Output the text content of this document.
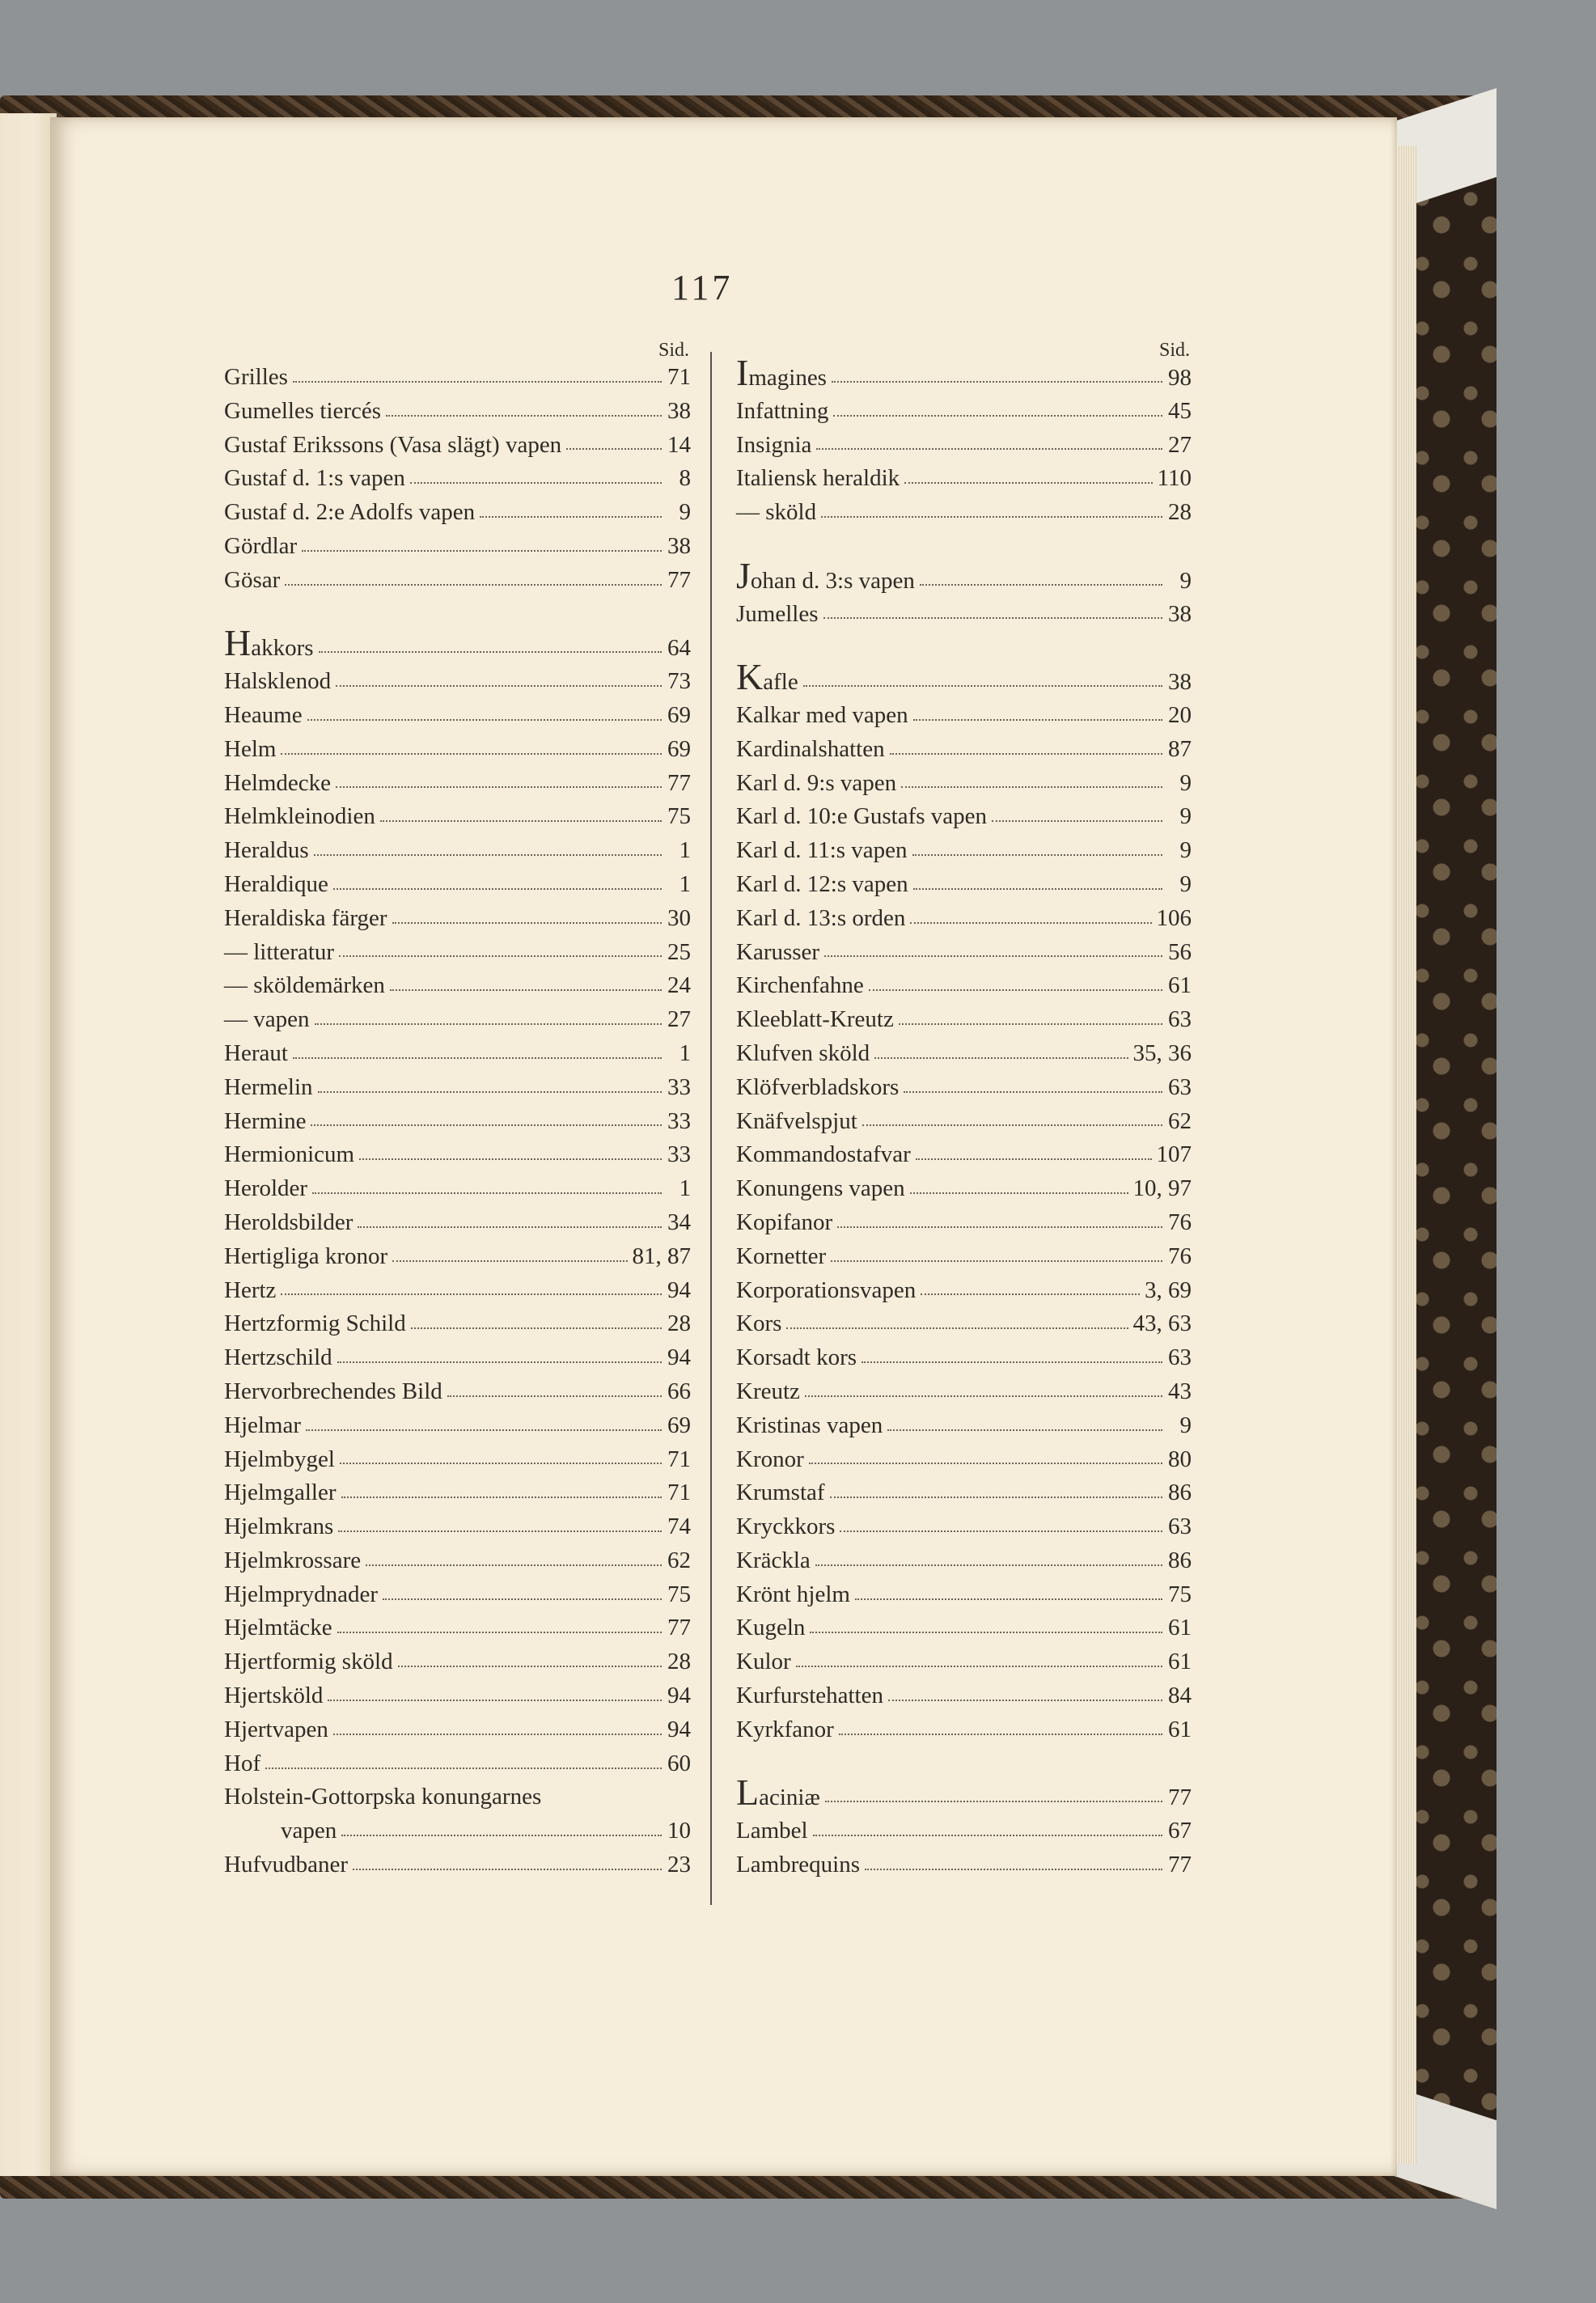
117
Sid.
Grilles	71
Gumelles tiercés	38
Gustaf Erikssons (Vasa slägt) vapen	14
Gustaf d. 1:s vapen	8
Gustaf d. 2:e Adolfs vapen	9
Gördlar	38
Gösar	77
Hakkors	64
Halsklenod	73
Heaume	69
Helm	69
Helmdecke	77
Helmkleinodien	75
Heraldus	1
Heraldique	1
Heraldiska färger	30
— litteratur	25
— sköldemärken	24
— vapen	27
Heraut	1
Hermelin	33
Hermine	33
Hermionicum	33
Herolder	1
Heroldsbilder	34
Hertigliga kronor	81, 87
Hertz	94
Hertzformig Schild	28
Hertzschild	94
Hervorbrechendes Bild	66
Hjelmar	69
Hjelmbygel	71
Hjelmgaller	71
Hjelmkrans	74
Hjelmkrossare	62
Hjelmprydnader	75
Hjelmtäcke	77
Hjertformig sköld	28
Hjertsköld	94
Hjertvapen	94
Hof	60
Holstein-Gottorpska konungarnes
vapen	10
Hufvudbaner	23
Sid.
Imagines	98
Infattning	45
Insignia	27
Italiensk heraldik	110
— sköld	28
Johan d. 3:s vapen	9
Jumelles	38
Kafle	38
Kalkar med vapen	20
Kardinalshatten	87
Karl d. 9:s vapen	9
Karl d. 10:e Gustafs vapen	9
Karl d. 11:s vapen	9
Karl d. 12:s vapen	9
Karl d. 13:s orden	106
Karusser	56
Kirchenfahne	61
Kleeblatt-Kreutz	63
Klufven sköld	35, 36
Klöfverbladskors	63
Knäfvelspjut	62
Kommandostafvar	107
Konungens vapen	10, 97
Kopifanor	76
Kornetter	76
Korporationsvapen	3, 69
Kors	43, 63
Korsadt kors	63
Kreutz	43
Kristinas vapen	9
Kronor	80
Krumstaf	86
Kryckkors	63
Kräckla	86
Krönt hjelm	75
Kugeln	61
Kulor	61
Kurfurstehatten	84
Kyrkfanor	61
Laciniæ	77
Lambel	67
Lambrequins	77
